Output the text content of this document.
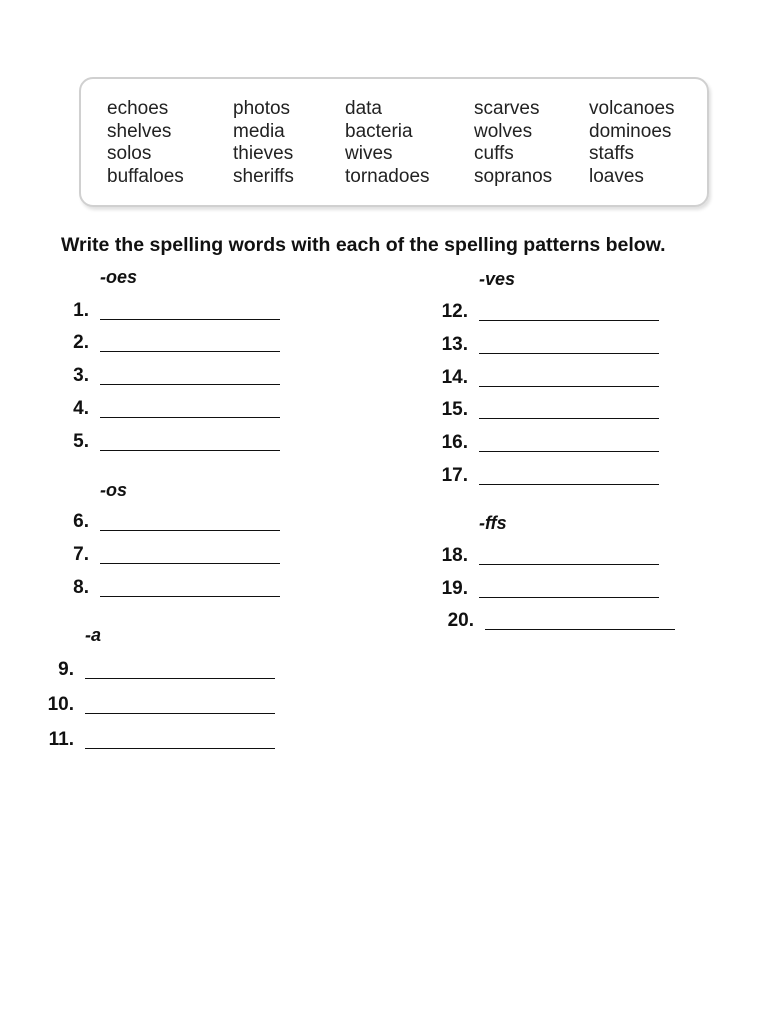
echoes
shelves
solos
buffaloes
photos
media
thieves
sheriffs
data
bacteria
wives
tornadoes
scarves
wolves
cuffs
sopranos
volcanoes
dominoes
staffs
loaves
Write the spelling words with each of the spelling patterns below.
-oes
-os
-a
-ves
-ffs
1.
2.
3.
4.
5.
6.
7.
8.
9.
10.
11.
12.
13.
14.
15.
16.
17.
18.
19.
20.
